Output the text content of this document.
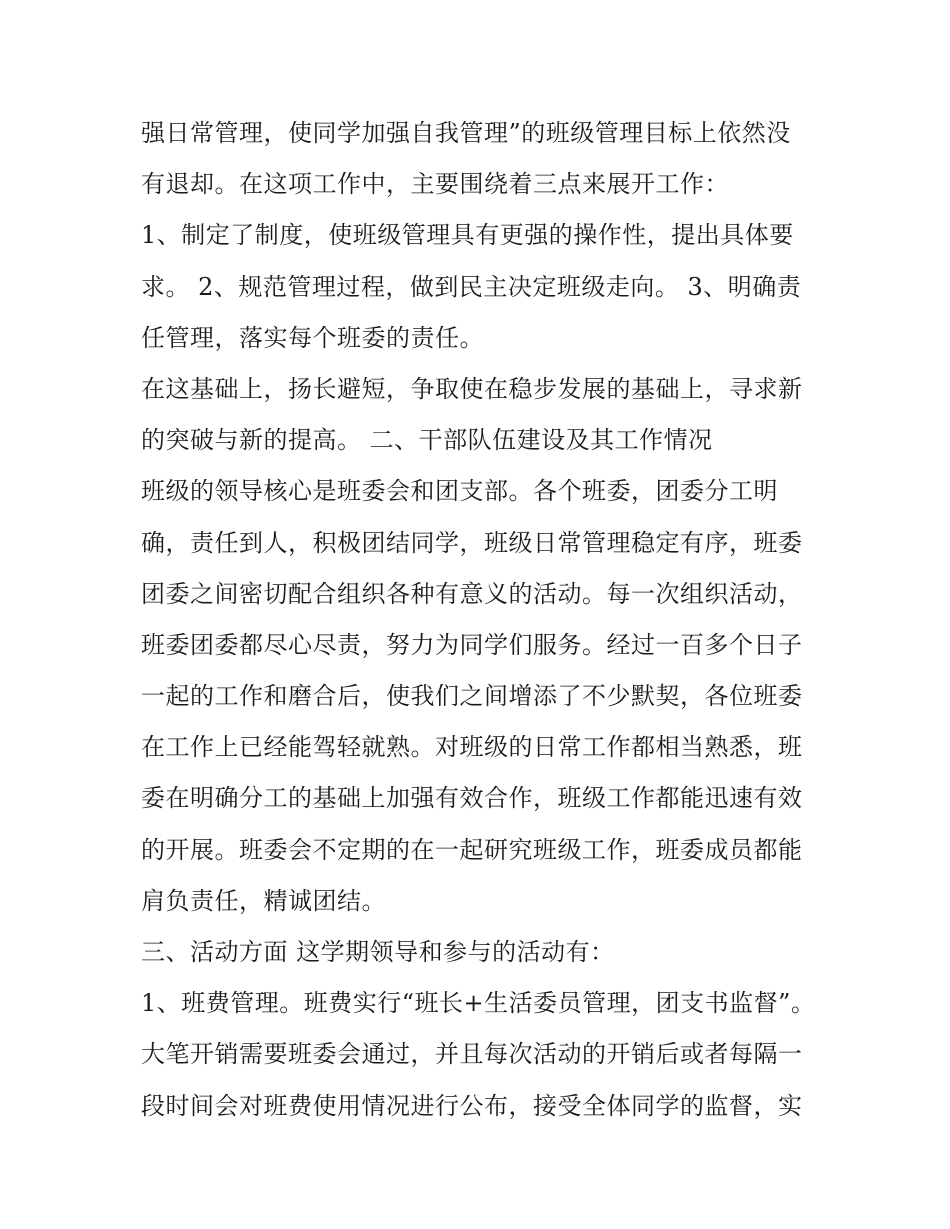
强日常管理，使同学加强自我管理”的班级管理目标上依然没
有退却。在这项工作中，主要围绕着三点来展开工作：
1、制定了制度，使班级管理具有更强的操作性，提出具体要
求。 2、规范管理过程，做到民主决定班级走向。 3、明确责
任管理，落实每个班委的责任。
在这基础上，扬长避短，争取使在稳步发展的基础上，寻求新
的突破与新的提高。 二、干部队伍建设及其工作情况
班级的领导核心是班委会和团支部。各个班委，团委分工明
确，责任到人，积极团结同学，班级日常管理稳定有序，班委
团委之间密切配合组织各种有意义的活动。每一次组织活动，
班委团委都尽心尽责，努力为同学们服务。经过一百多个日子
一起的工作和磨合后，使我们之间增添了不少默契，各位班委
在工作上已经能驾轻就熟。对班级的日常工作都相当熟悉，班
委在明确分工的基础上加强有效合作，班级工作都能迅速有效
的开展。班委会不定期的在一起研究班级工作，班委成员都能
肩负责任，精诚团结。
三、活动方面 这学期领导和参与的活动有：
1、班费管理。班费实行“班长+生活委员管理，团支书监督”。
大笔开销需要班委会通过，并且每次活动的开销后或者每隔一
段时间会对班费使用情况进行公布，接受全体同学的监督，实
